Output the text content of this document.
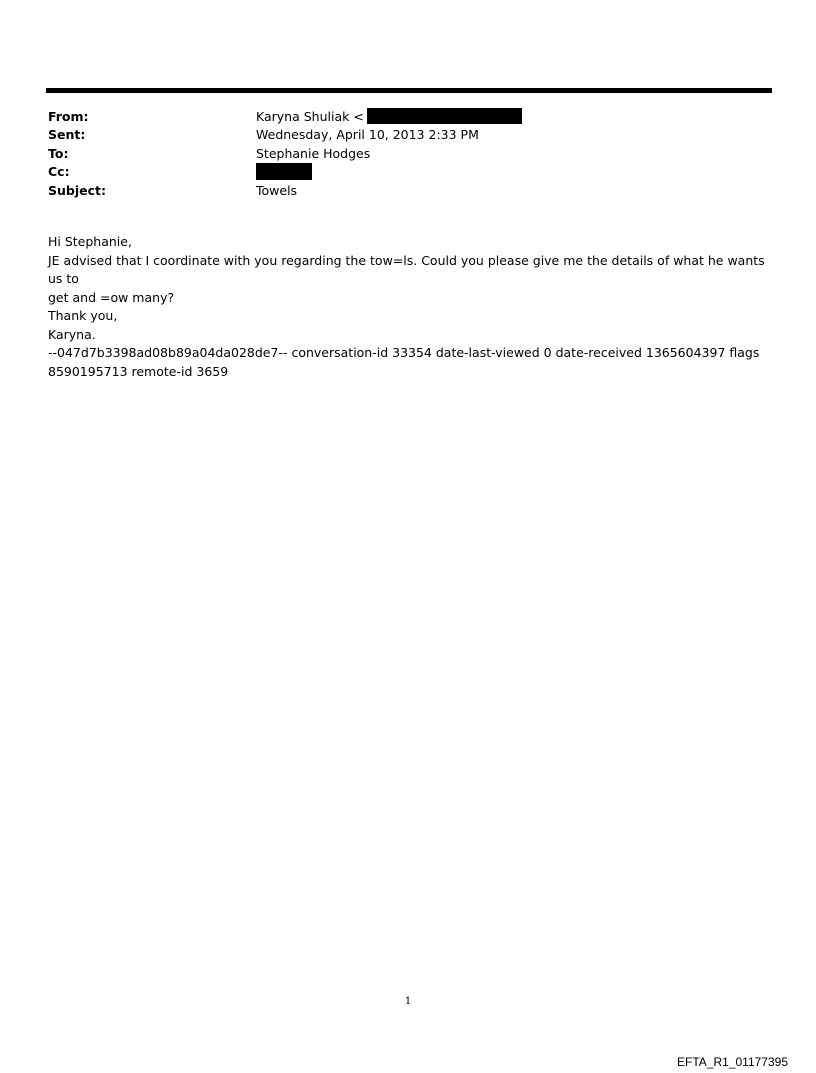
From:	Karyna Shuliak <
Sent:	Wednesday, April 10, 2013 2:33 PM
To:	Stephanie Hodges
Cc:
Subject:	Towels
Hi Stephanie,
JE advised that I coordinate with you regarding the tow=ls. Could you please give me the details of what he wants us to
get and =ow many?
Thank you,
Karyna.
--047d7b3398ad08b89a04da028de7-- conversation-id 33354 date-last-viewed 0 date-received 1365604397 flags
8590195713 remote-id 3659
1
EFTA_R1_01177395
